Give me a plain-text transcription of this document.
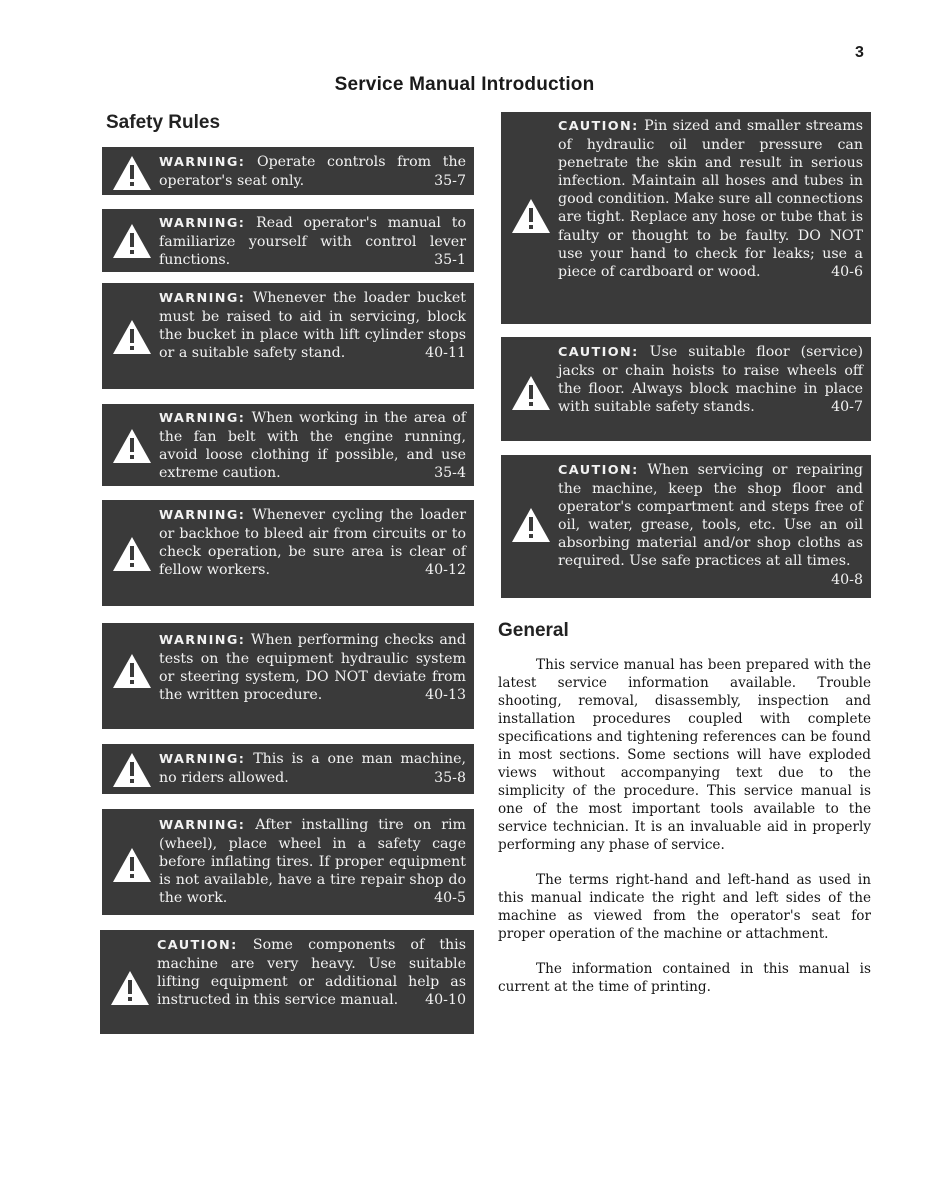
3
Service Manual Introduction
Safety Rules
WARNING: Operate controls from the operator's seat only.	35-7
WARNING: Read operator's manual to familiarize yourself with control lever functions.	35-1
WARNING: Whenever the loader bucket must be raised to aid in servicing, block the bucket in place with lift cylinder stops or a suitable safety stand.	40-11
WARNING: When working in the area of the fan belt with the engine running, avoid loose clothing if possible, and use extreme caution.	35-4
WARNING: Whenever cycling the loader or backhoe to bleed air from circuits or to check operation, be sure area is clear of fellow workers.	40-12
WARNING: When performing checks and tests on the equipment hydraulic system or steering system, DO NOT deviate from the written procedure.	40-13
WARNING: This is a one man machine, no riders allowed.	35-8
WARNING: After installing tire on rim (wheel), place wheel in a safety cage before inflating tires. If proper equipment is not available, have a tire repair shop do the work.	40-5
CAUTION: Some components of this machine are very heavy. Use suitable lifting equipment or additional help as instructed in this service manual. 40-10
CAUTION: Pin sized and smaller streams of hydraulic oil under pressure can penetrate the skin and result in serious infection. Maintain all hoses and tubes in good condition. Make sure all connections are tight. Replace any hose or tube that is faulty or thought to be faulty. DO NOT use your hand to check for leaks; use a piece of cardboard or wood.	40-6
CAUTION: Use suitable floor (service) jacks or chain hoists to raise wheels off the floor. Always block machine in place with suitable safety stands.	40-7
CAUTION: When servicing or repairing the machine, keep the shop floor and operator's compartment and steps free of oil, water, grease, tools, etc. Use an oil absorbing material and/or shop cloths as required. Use safe practices at all times.
40-8
General

This service manual has been prepared with the latest service information available. Trouble shooting, removal, disassembly, inspection and installation procedures coupled with complete specifications and tightening references can be found in most sections. Some sections will have exploded views without accompanying text due to the simplicity of the procedure. This service manual is one of the most important tools available to the service technician. It is an invaluable aid in properly performing any phase of service.

The terms right-hand and left-hand as used in this manual indicate the right and left sides of the machine as viewed from the operator's seat for proper operation of the machine or attachment.

The information contained in this manual is current at the time of printing.
